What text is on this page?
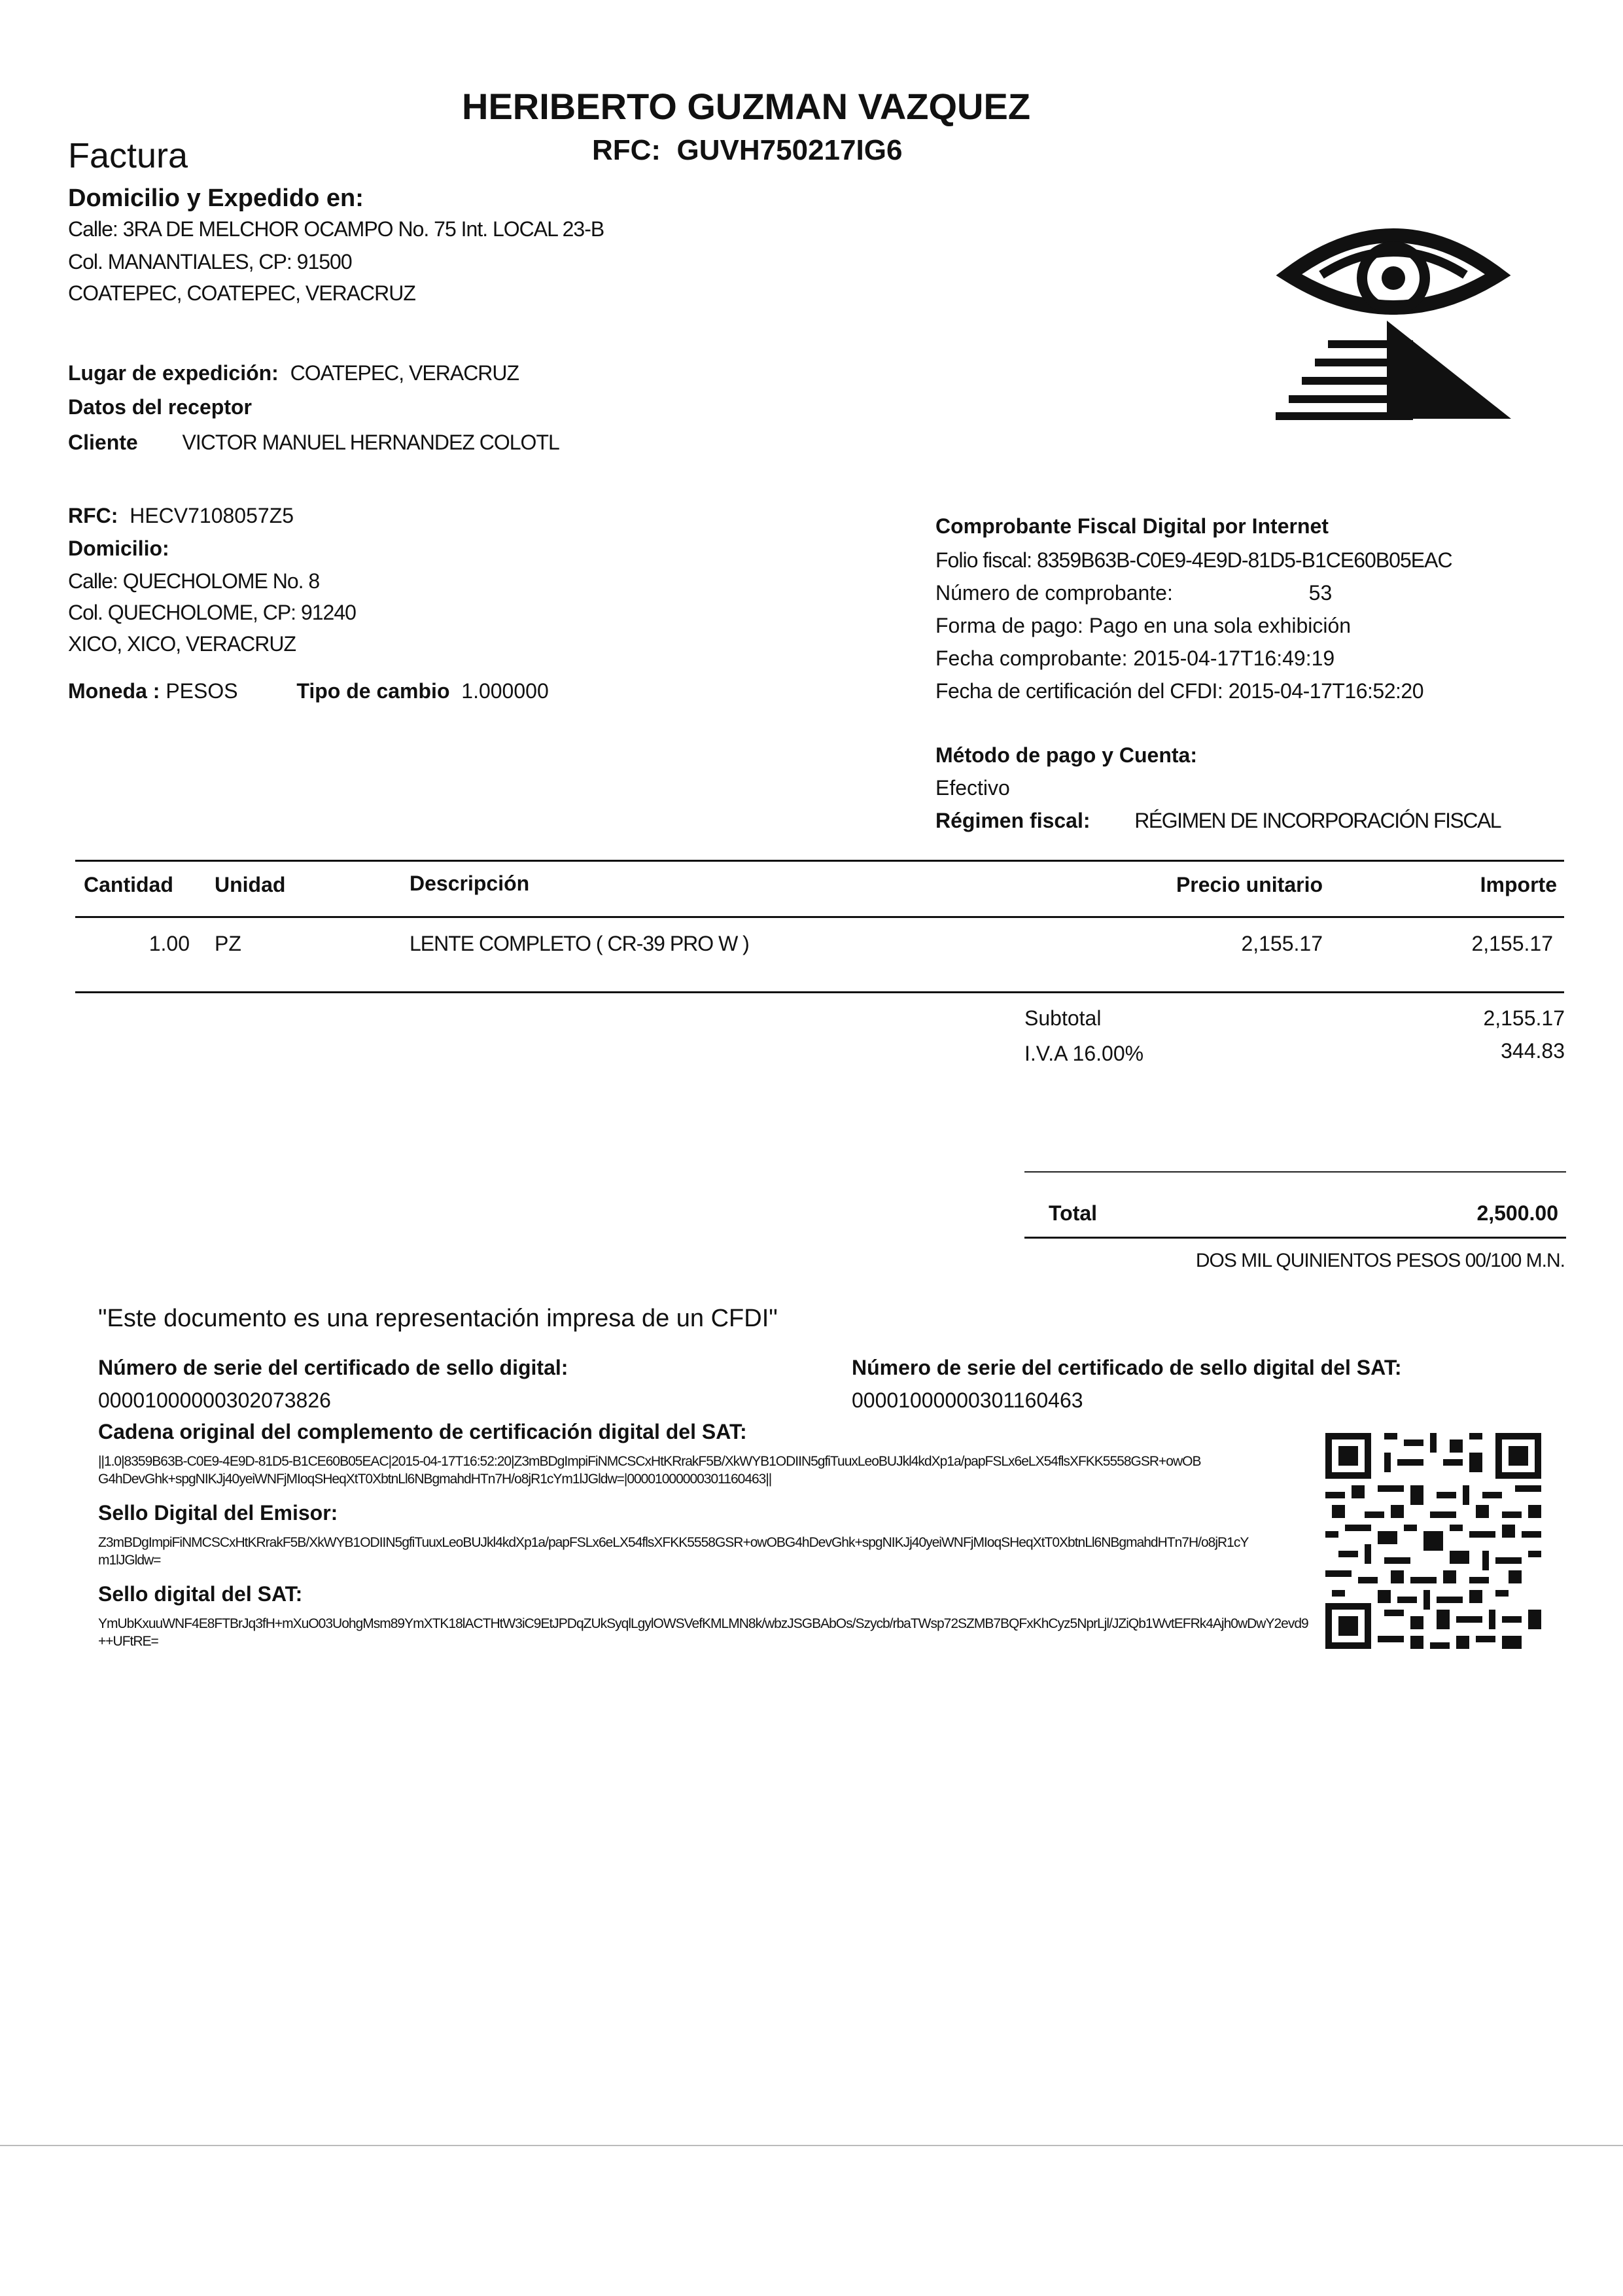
HERIBERTO GUZMAN VAZQUEZ
RFC: GUVH750217IG6
Factura
Domicilio y Expedido en:
Calle: 3RA DE MELCHOR OCAMPO No. 75 Int. LOCAL 23-B
Col. MANANTIALES, CP: 91500
COATEPEC, COATEPEC, VERACRUZ
Lugar de expedición: COATEPEC, VERACRUZ
Datos del receptor
Cliente VICTOR MANUEL HERNANDEZ COLOTL
RFC: HECV7108057Z5
Domicilio:
Calle: QUECHOLOME No. 8
Col. QUECHOLOME, CP: 91240
XICO, XICO, VERACRUZ
Moneda : PESOS	Tipo de cambio 1.000000
Comprobante Fiscal Digital por Internet
Folio fiscal: 8359B63B-C0E9-4E9D-81D5-B1CE60B05EAC
Número de comprobante:	53
Forma de pago: Pago en una sola exhibición
Fecha comprobante: 2015-04-17T16:49:19
Fecha de certificación del CFDI: 2015-04-17T16:52:20
Método de pago y Cuenta:
Efectivo
Régimen fiscal: RÉGIMEN DE INCORPORACIÓN FISCAL
Cantidad Unidad	Descripción	Precio unitario	Importe
1.00 PZ	LENTE COMPLETO ( CR-39 PRO W )	2,155.17	2,155.17
Subtotal	2,155.17
I.V.A 16.00%	344.83
Total	2,500.00
DOS MIL QUINIENTOS PESOS 00/100 M.N.
"Este documento es una representación impresa de un CFDI"
Número de serie del certificado de sello digital:
00001000000302073826
Número de serie del certificado de sello digital del SAT:
00001000000301160463
Cadena original del complemento de certificación digital del SAT:
||1.0|8359B63B-C0E9-4E9D-81D5-B1CE60B05EAC|2015-04-17T16:52:20|Z3mBDgImpiFiNMCSCxHtKRrakF5B/XkWYB1ODIIN5gfiTuuxLeoBUJkl4kdXp1a/papFSLx6eLX54flsXFKK5558GSR+owOBG4hDevGhk+spgNIKJj40yeiWNFjMIoqSHeqXtT0XbtnLl6NBgmahdHTn7H/o8jR1cYm1lJGldw=|00001000000301160463||
Sello Digital del Emisor:
Z3mBDgImpiFiNMCSCxHtKRrakF5B/XkWYB1ODIIN5gfiTuuxLeoBUJkl4kdXp1a/papFSLx6eLX54flsXFKK5558GSR+owOBG4hDevGhk+spgNIKJj40yeiWNFjMIoqSHeqXtT0XbtnLl6NBgmahdHTn7H/o8jR1cYm1lJGldw=
Sello digital del SAT:
YmUbKxuuWNF4E8FTBrJq3fH+mXuO03UohgMsm89YmXTK18lACTHtW3iC9EtJPDqZUkSyqlLgylOWSVefKMLMN8k/wbzJSGBAbOs/Szycb/rbaTWsp72SZMB7BQFxKhCyz5NprLjl/JZiQb1WvtEFRk4Ajh0wDwY2evd9++UFtRE=
